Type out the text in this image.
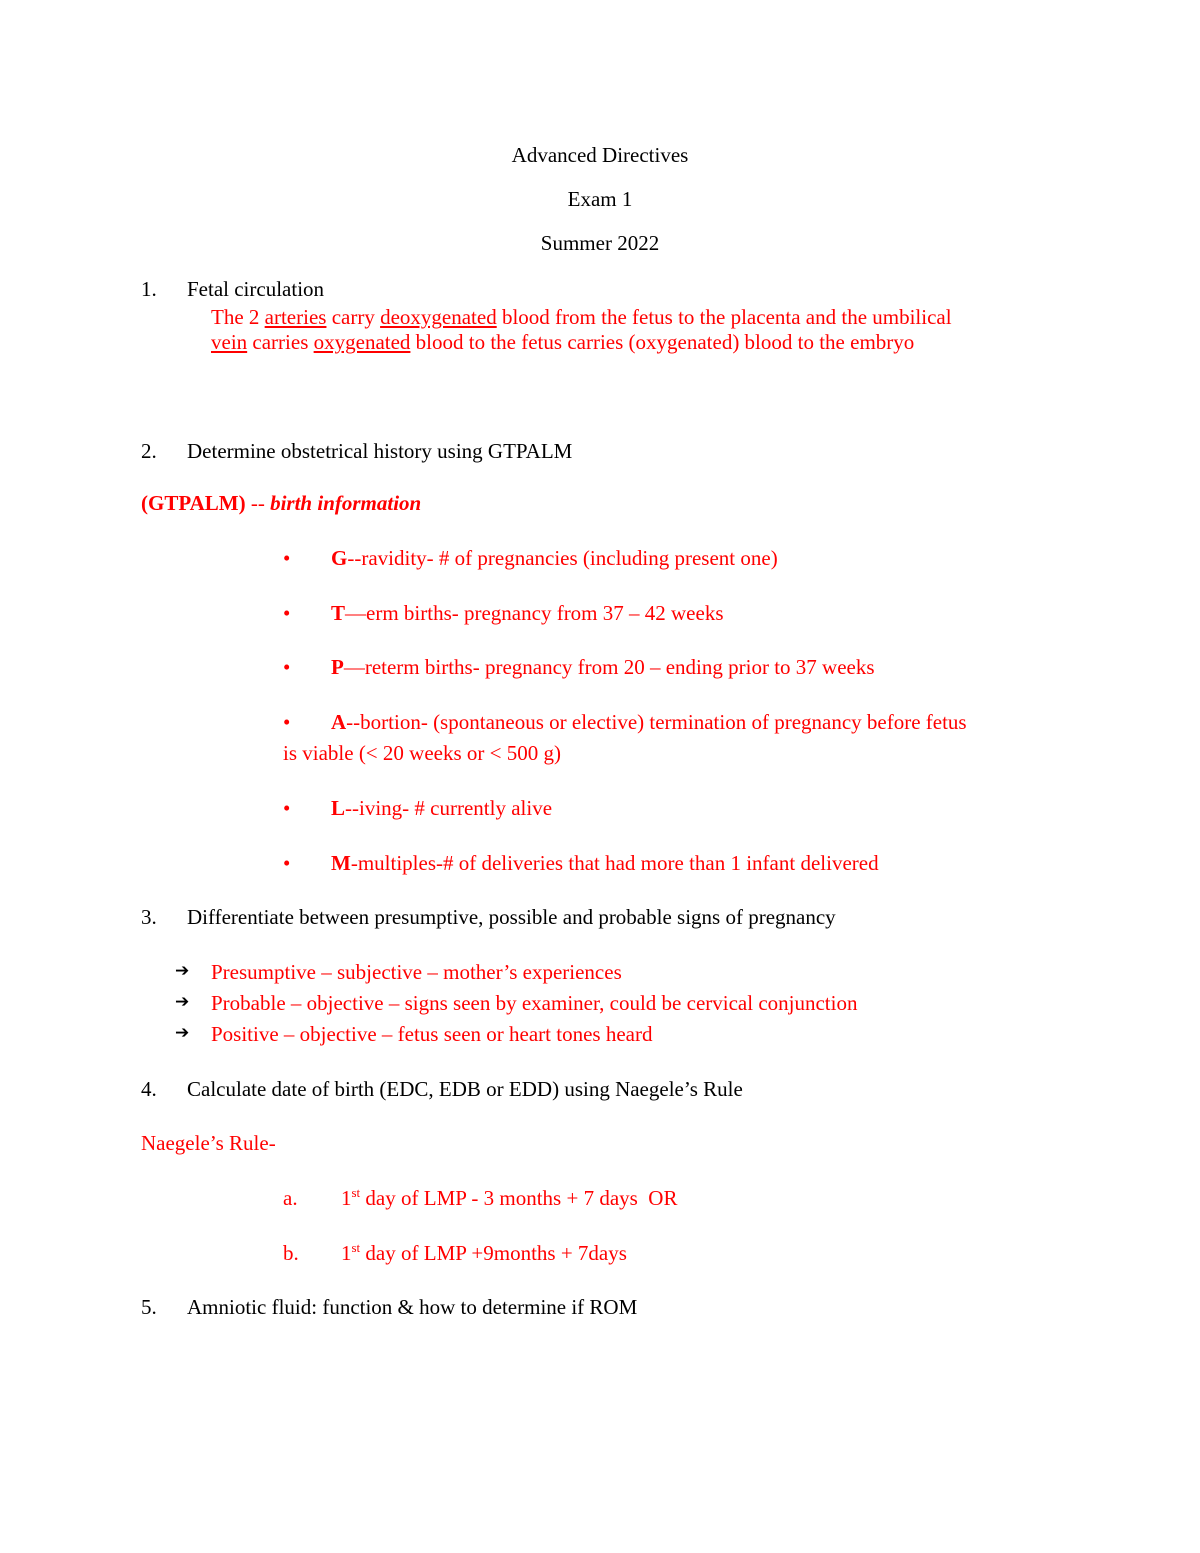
Advanced Directives
Exam 1
Summer 2022
1. Fetal circulation
The 2 arteries carry deoxygenated blood from the fetus to the placenta and the umbilical
vein carries oxygenated blood to the fetus carries (oxygenated) blood to the embryo
2. Determine obstetrical history using GTPALM
(GTPALM) -- birth information
• G--ravidity- # of pregnancies (including present one)
• T—erm births- pregnancy from 37 – 42 weeks
• P—reterm births- pregnancy from 20 – ending prior to 37 weeks
• A--bortion- (spontaneous or elective) termination of pregnancy before fetus
is viable (< 20 weeks or < 500 g)
• L--iving- # currently alive
• M-multiples-# of deliveries that had more than 1 infant delivered
3. Differentiate between presumptive, possible and probable signs of pregnancy
➔ Presumptive – subjective – mother’s experiences
➔ Probable – objective – signs seen by examiner, could be cervical conjunction
➔ Positive – objective – fetus seen or heart tones heard
4. Calculate date of birth (EDC, EDB or EDD) using Naegele’s Rule
Naegele’s Rule-
a. 1st day of LMP - 3 months + 7 days  OR
b. 1st day of LMP +9months + 7days
5. Amniotic fluid: function & how to determine if ROM
